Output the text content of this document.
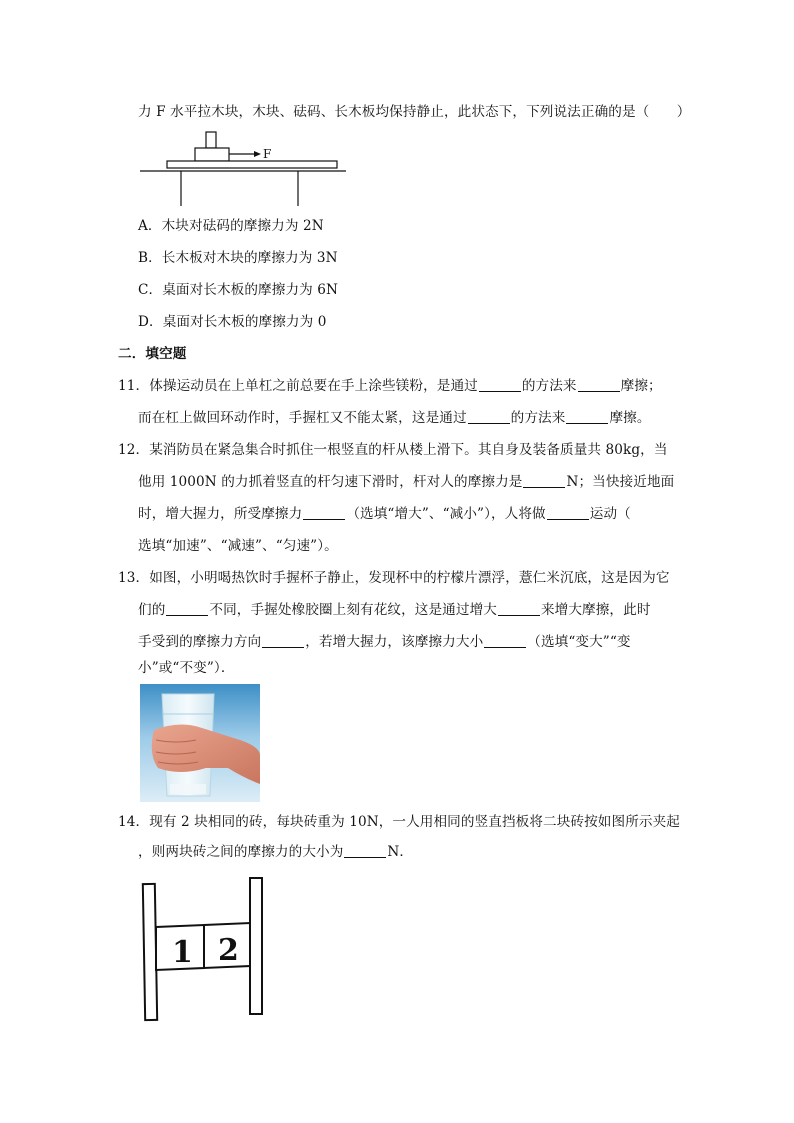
力 F 水平拉木块，木块、砝码、长木板均保持静止，此状态下，下列说法正确的是（　　）
F
A．木块对砝码的摩擦力为 2N
B．长木板对木块的摩擦力为 3N
C．桌面对长木板的摩擦力为 6N
D．桌面对长木板的摩擦力为 0
二．填空题
11．体操运动员在上单杠之前总要在手上涂些镁粉，是通过	的方法来	摩擦；
而在杠上做回环动作时，手握杠又不能太紧，这是通过	的方法来	摩擦。
12．某消防员在紧急集合时抓住一根竖直的杆从楼上滑下。其自身及装备质量共 80kg，当
他用 1000N 的力抓着竖直的杆匀速下滑时，杆对人的摩擦力是	N；当快接近地面
时，增大握力，所受摩擦力	（选填“增大”、“减小”），人将做	运动（
选填“加速”、“减速”、“匀速”）。
13．如图，小明喝热饮时手握杯子静止，发现杯中的柠檬片漂浮，薏仁米沉底，这是因为它
们的	不同，手握处橡胶圈上刻有花纹，这是通过增大	来增大摩擦，此时
手受到的摩擦力方向	，若增大握力，该摩擦力大小	（选填“变大”“变
小”或“不变”）．
14．现有 2 块相同的砖，每块砖重为 10N，一人用相同的竖直挡板将二块砖按如图所示夹起
，则两块砖之间的摩擦力的大小为	N．
1 2
